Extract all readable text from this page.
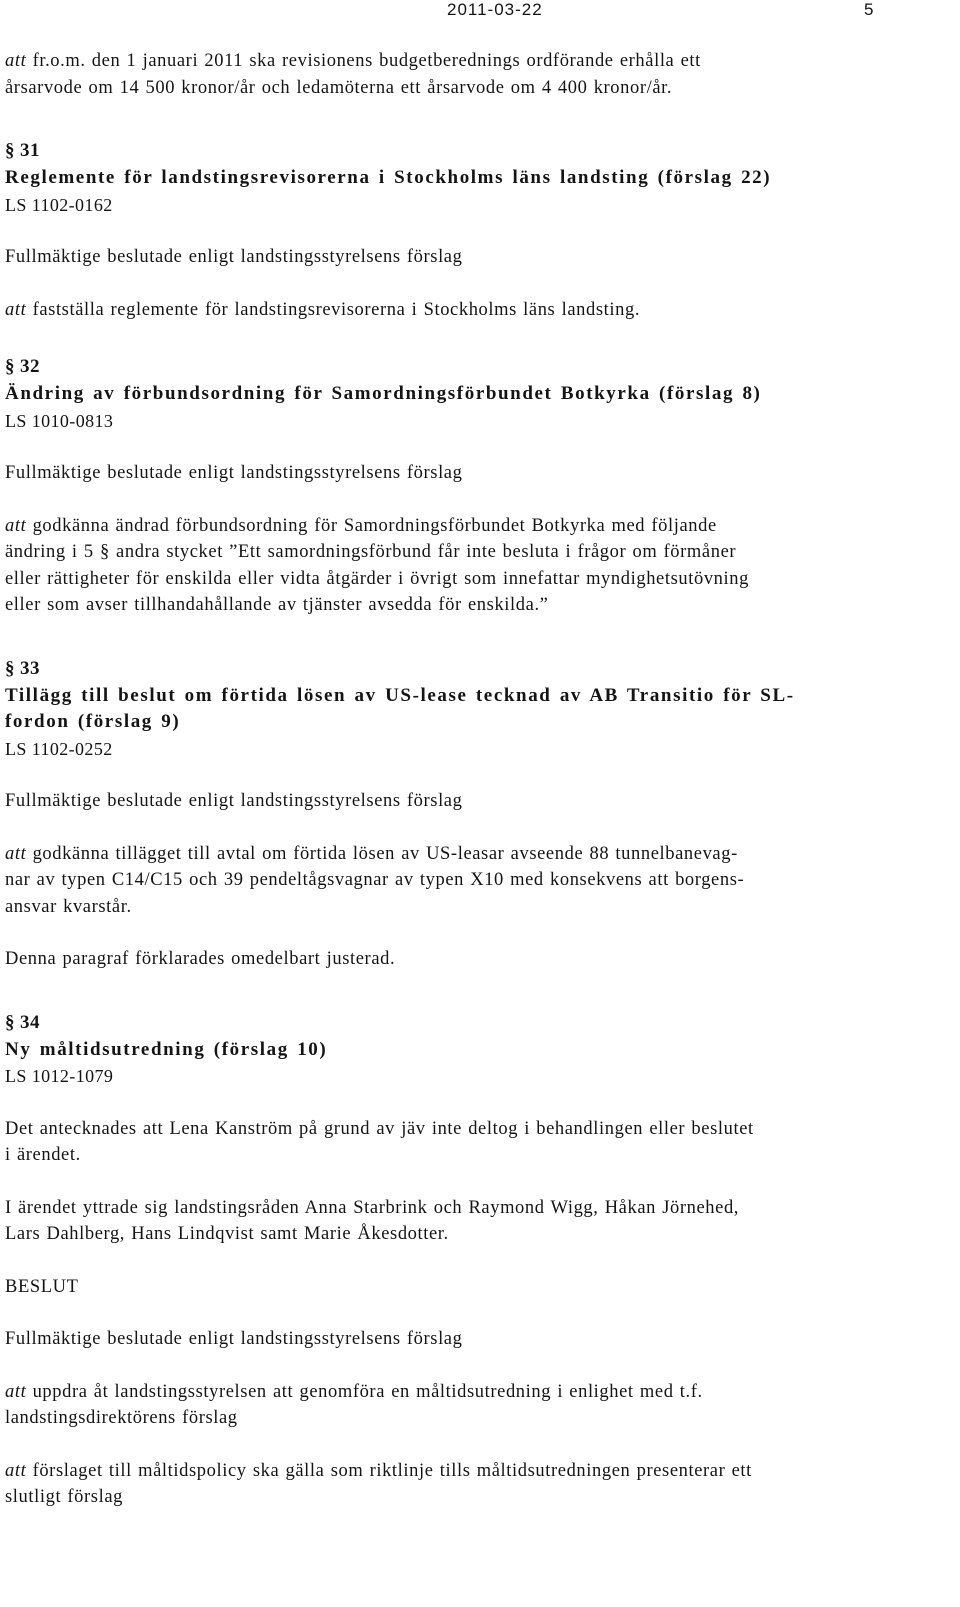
2011-03-22	5

att fr.o.m. den 1 januari 2011 ska revisionens budgetberednings ordförande erhålla ett
årsarvode om 14 500 kronor/år och ledamöterna ett årsarvode om 4 400 kronor/år.

§ 31

Reglemente för landstingsrevisorerna i Stockholms läns landsting (förslag 22)

LS 1102-0162

Fullmäktige beslutade enligt landstingsstyrelsens förslag

att fastställa reglemente för landstingsrevisorerna i Stockholms läns landsting.

§ 32

Ändring av förbundsordning för Samordningsförbundet Botkyrka (förslag 8)

LS 1010-0813

Fullmäktige beslutade enligt landstingsstyrelsens förslag

att godkänna ändrad förbundsordning för Samordningsförbundet Botkyrka med följande
ändring i 5 § andra stycket ”Ett samordningsförbund får inte besluta i frågor om förmåner
eller rättigheter för enskilda eller vidta åtgärder i övrigt som innefattar myndighetsutövning
eller som avser tillhandahållande av tjänster avsedda för enskilda.”

§ 33

Tillägg till beslut om förtida lösen av US-lease tecknad av AB Transitio för SL-
fordon (förslag 9)

LS 1102-0252

Fullmäktige beslutade enligt landstingsstyrelsens förslag

att godkänna tillägget till avtal om förtida lösen av US-leasar avseende 88 tunnelbanevag-
nar av typen C14/C15 och 39 pendeltågsvagnar av typen X10 med konsekvens att borgens-
ansvar kvarstår.

Denna paragraf förklarades omedelbart justerad.

§ 34

Ny måltidsutredning (förslag 10)

LS 1012-1079

Det antecknades att Lena Kanström på grund av jäv inte deltog i behandlingen eller beslutet
i ärendet.

I ärendet yttrade sig landstingsråden Anna Starbrink och Raymond Wigg, Håkan Jörnehed,
Lars Dahlberg, Hans Lindqvist samt Marie Åkesdotter.

BESLUT

Fullmäktige beslutade enligt landstingsstyrelsens förslag

att uppdra åt landstingsstyrelsen att genomföra en måltidsutredning i enlighet med t.f.
landstingsdirektörens förslag

att förslaget till måltidspolicy ska gälla som riktlinje tills måltidsutredningen presenterar ett
slutligt förslag
